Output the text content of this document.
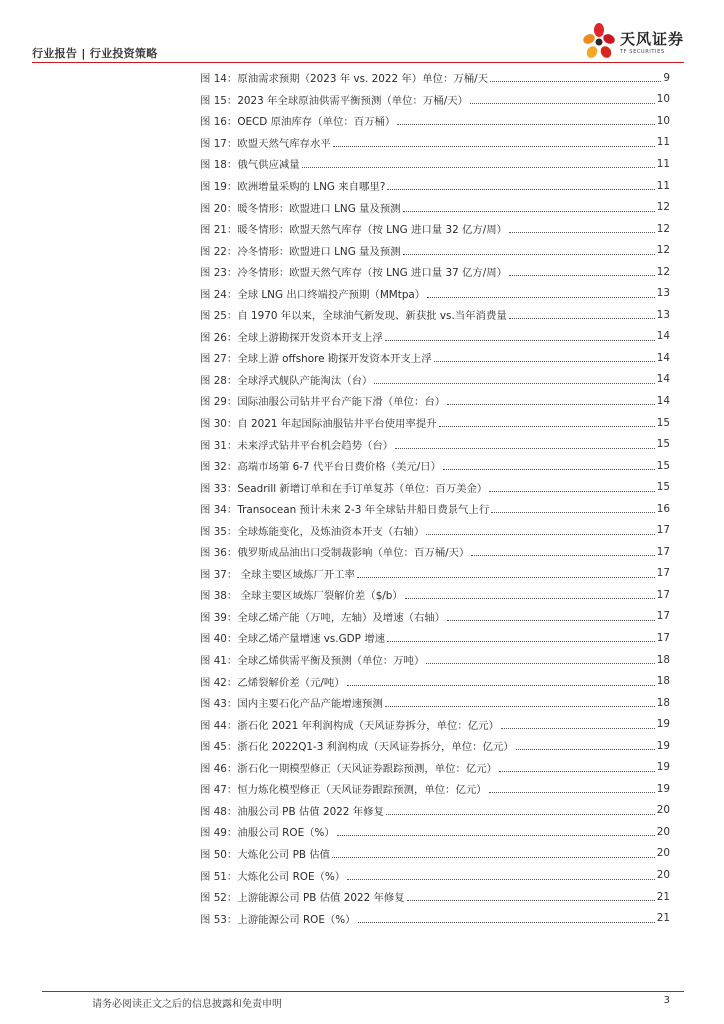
行业报告 | 行业投资策略
天风证券
TF SECURITIES
图 14： 原油需求预期（2023 年 vs. 2022 年）单位：万桶/天	9
图 15： 2023 年全球原油供需平衡预测（单位：万桶/天）	10
图 16： OECD 原油库存（单位：百万桶）	10
图 17： 欧盟天然气库存水平	11
图 18： 俄气供应减量	11
图 19： 欧洲增量采购的 LNG 来自哪里?	11
图 20： 暖冬情形：欧盟进口 LNG 量及预测	12
图 21： 暖冬情形：欧盟天然气库存（按 LNG 进口量 32 亿方/周）	12
图 22： 冷冬情形：欧盟进口 LNG 量及预测	12
图 23： 冷冬情形：欧盟天然气库存（按 LNG 进口量 37 亿方/周）	12
图 24： 全球 LNG 出口终端投产预期（MMtpa）	13
图 25： 自 1970 年以来，全球油气新发现、新获批 vs.当年消费量	13
图 26： 全球上游勘探开发资本开支上浮	14
图 27： 全球上游 offshore 勘探开发资本开支上浮	14
图 28： 全球浮式舰队产能淘汰（台）	14
图 29： 国际油服公司钻井平台产能下滑（单位：台）	14
图 30： 自 2021 年起国际油服钻井平台使用率提升	15
图 31： 未来浮式钻井平台机会趋势（台）	15
图 32： 高端市场第 6-7 代平台日费价格（美元/日）	15
图 33： Seadrill 新增订单和在手订单复苏（单位：百万美金）	15
图 34： Transocean 预计未来 2-3 年全球钻井船日费景气上行	16
图 35： 全球炼能变化，及炼油资本开支（右轴）	17
图 36： 俄罗斯成品油出口受制裁影响（单位：百万桶/天）	17
图 37： 全球主要区域炼厂开工率	17
图 38： 全球主要区域炼厂裂解价差（$/b）	17
图 39： 全球乙烯产能（万吨，左轴）及增速（右轴）	17
图 40： 全球乙烯产量增速 vs.GDP 增速	17
图 41： 全球乙烯供需平衡及预测（单位：万吨）	18
图 42： 乙烯裂解价差（元/吨）	18
图 43： 国内主要石化产品产能增速预测	18
图 44： 浙石化 2021 年利润构成（天风证券拆分，单位：亿元）	19
图 45： 浙石化 2022Q1-3 利润构成（天风证券拆分，单位：亿元）	19
图 46： 浙石化一期模型修正（天风证券跟踪预测，单位：亿元）	19
图 47： 恒力炼化模型修正（天风证券跟踪预测，单位：亿元）	19
图 48： 油服公司 PB 估值 2022 年修复	20
图 49： 油服公司 ROE（%）	20
图 50： 大炼化公司 PB 估值	20
图 51： 大炼化公司 ROE（%）	20
图 52： 上游能源公司 PB 估值 2022 年修复	21
图 53： 上游能源公司 ROE（%）	21
请务必阅读正文之后的信息披露和免责申明	3
